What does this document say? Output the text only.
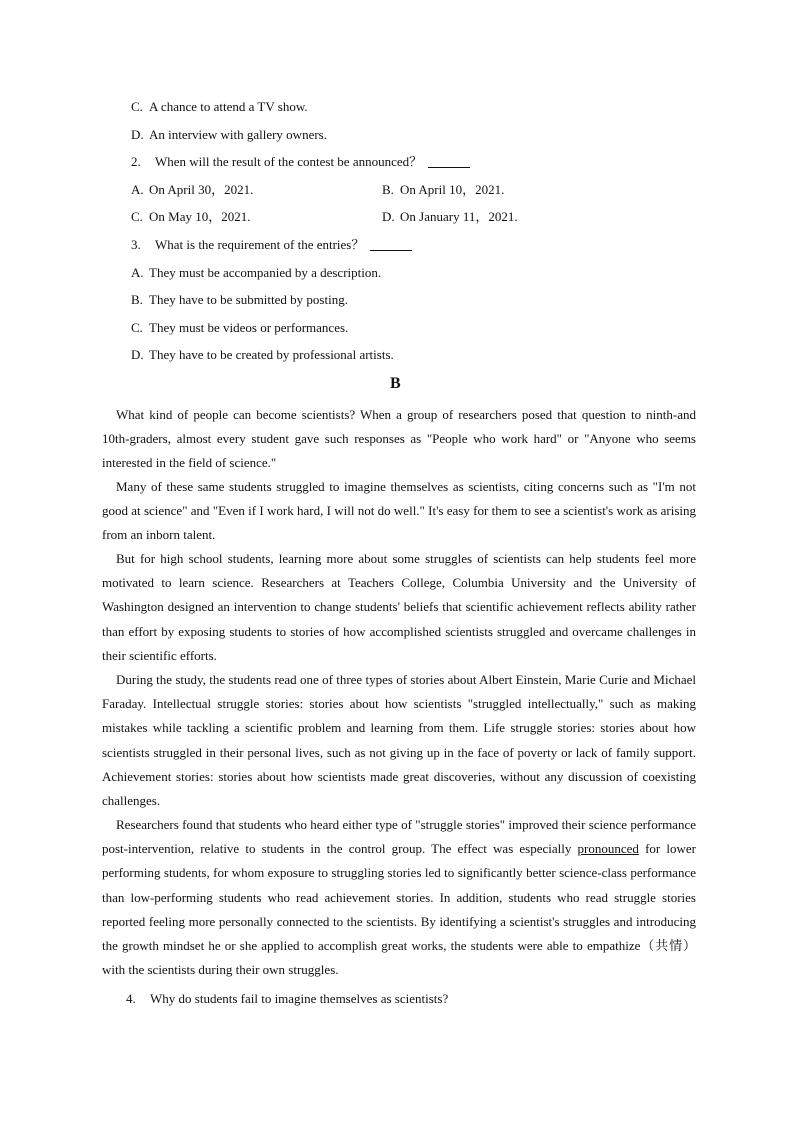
C. A chance to attend a TV show.
D. An interview with gallery owners.
2. When will the result of the contest be announced？
A. On April 30，2021.	B. On April 10，2021.
C. On May 10，2021.	D. On January 11，2021.
3. What is the requirement of the entries？
A. They must be accompanied by a description.
B. They have to be submitted by posting.
C. They must be videos or performances.
D. They have to be created by professional artists.
B
What kind of people can become scientists? When a group of researchers posed that question to ninth-and 10th-graders, almost every student gave such responses as "People who work hard" or "Anyone who seems interested in the field of science."
Many of these same students struggled to imagine themselves as scientists, citing concerns such as "I'm not good at science" and "Even if I work hard, I will not do well." It's easy for them to see a scientist's work as arising from an inborn talent.
But for high school students, learning more about some struggles of scientists can help students feel more motivated to learn science. Researchers at Teachers College, Columbia University and the University of Washington designed an intervention to change students' beliefs that scientific achievement reflects ability rather than effort by exposing students to stories of how accomplished scientists struggled and overcame challenges in their scientific efforts.
During the study, the students read one of three types of stories about Albert Einstein, Marie Curie and Michael Faraday. Intellectual struggle stories: stories about how scientists "struggled intellectually," such as making mistakes while tackling a scientific problem and learning from them. Life struggle stories: stories about how scientists struggled in their personal lives, such as not giving up in the face of poverty or lack of family support. Achievement stories: stories about how scientists made great discoveries, without any discussion of coexisting challenges.
Researchers found that students who heard either type of "struggle stories" improved their science performance post-intervention, relative to students in the control group. The effect was especially pronounced for lower performing students, for whom exposure to struggling stories led to significantly better science-class performance than low-performing students who read achievement stories. In addition, students who read struggle stories reported feeling more personally connected to the scientists. By identifying a scientist's struggles and introducing the growth mindset he or she applied to accomplish great works, the students were able to empathize（共情）with the scientists during their own struggles.
4. Why do students fail to imagine themselves as scientists?
